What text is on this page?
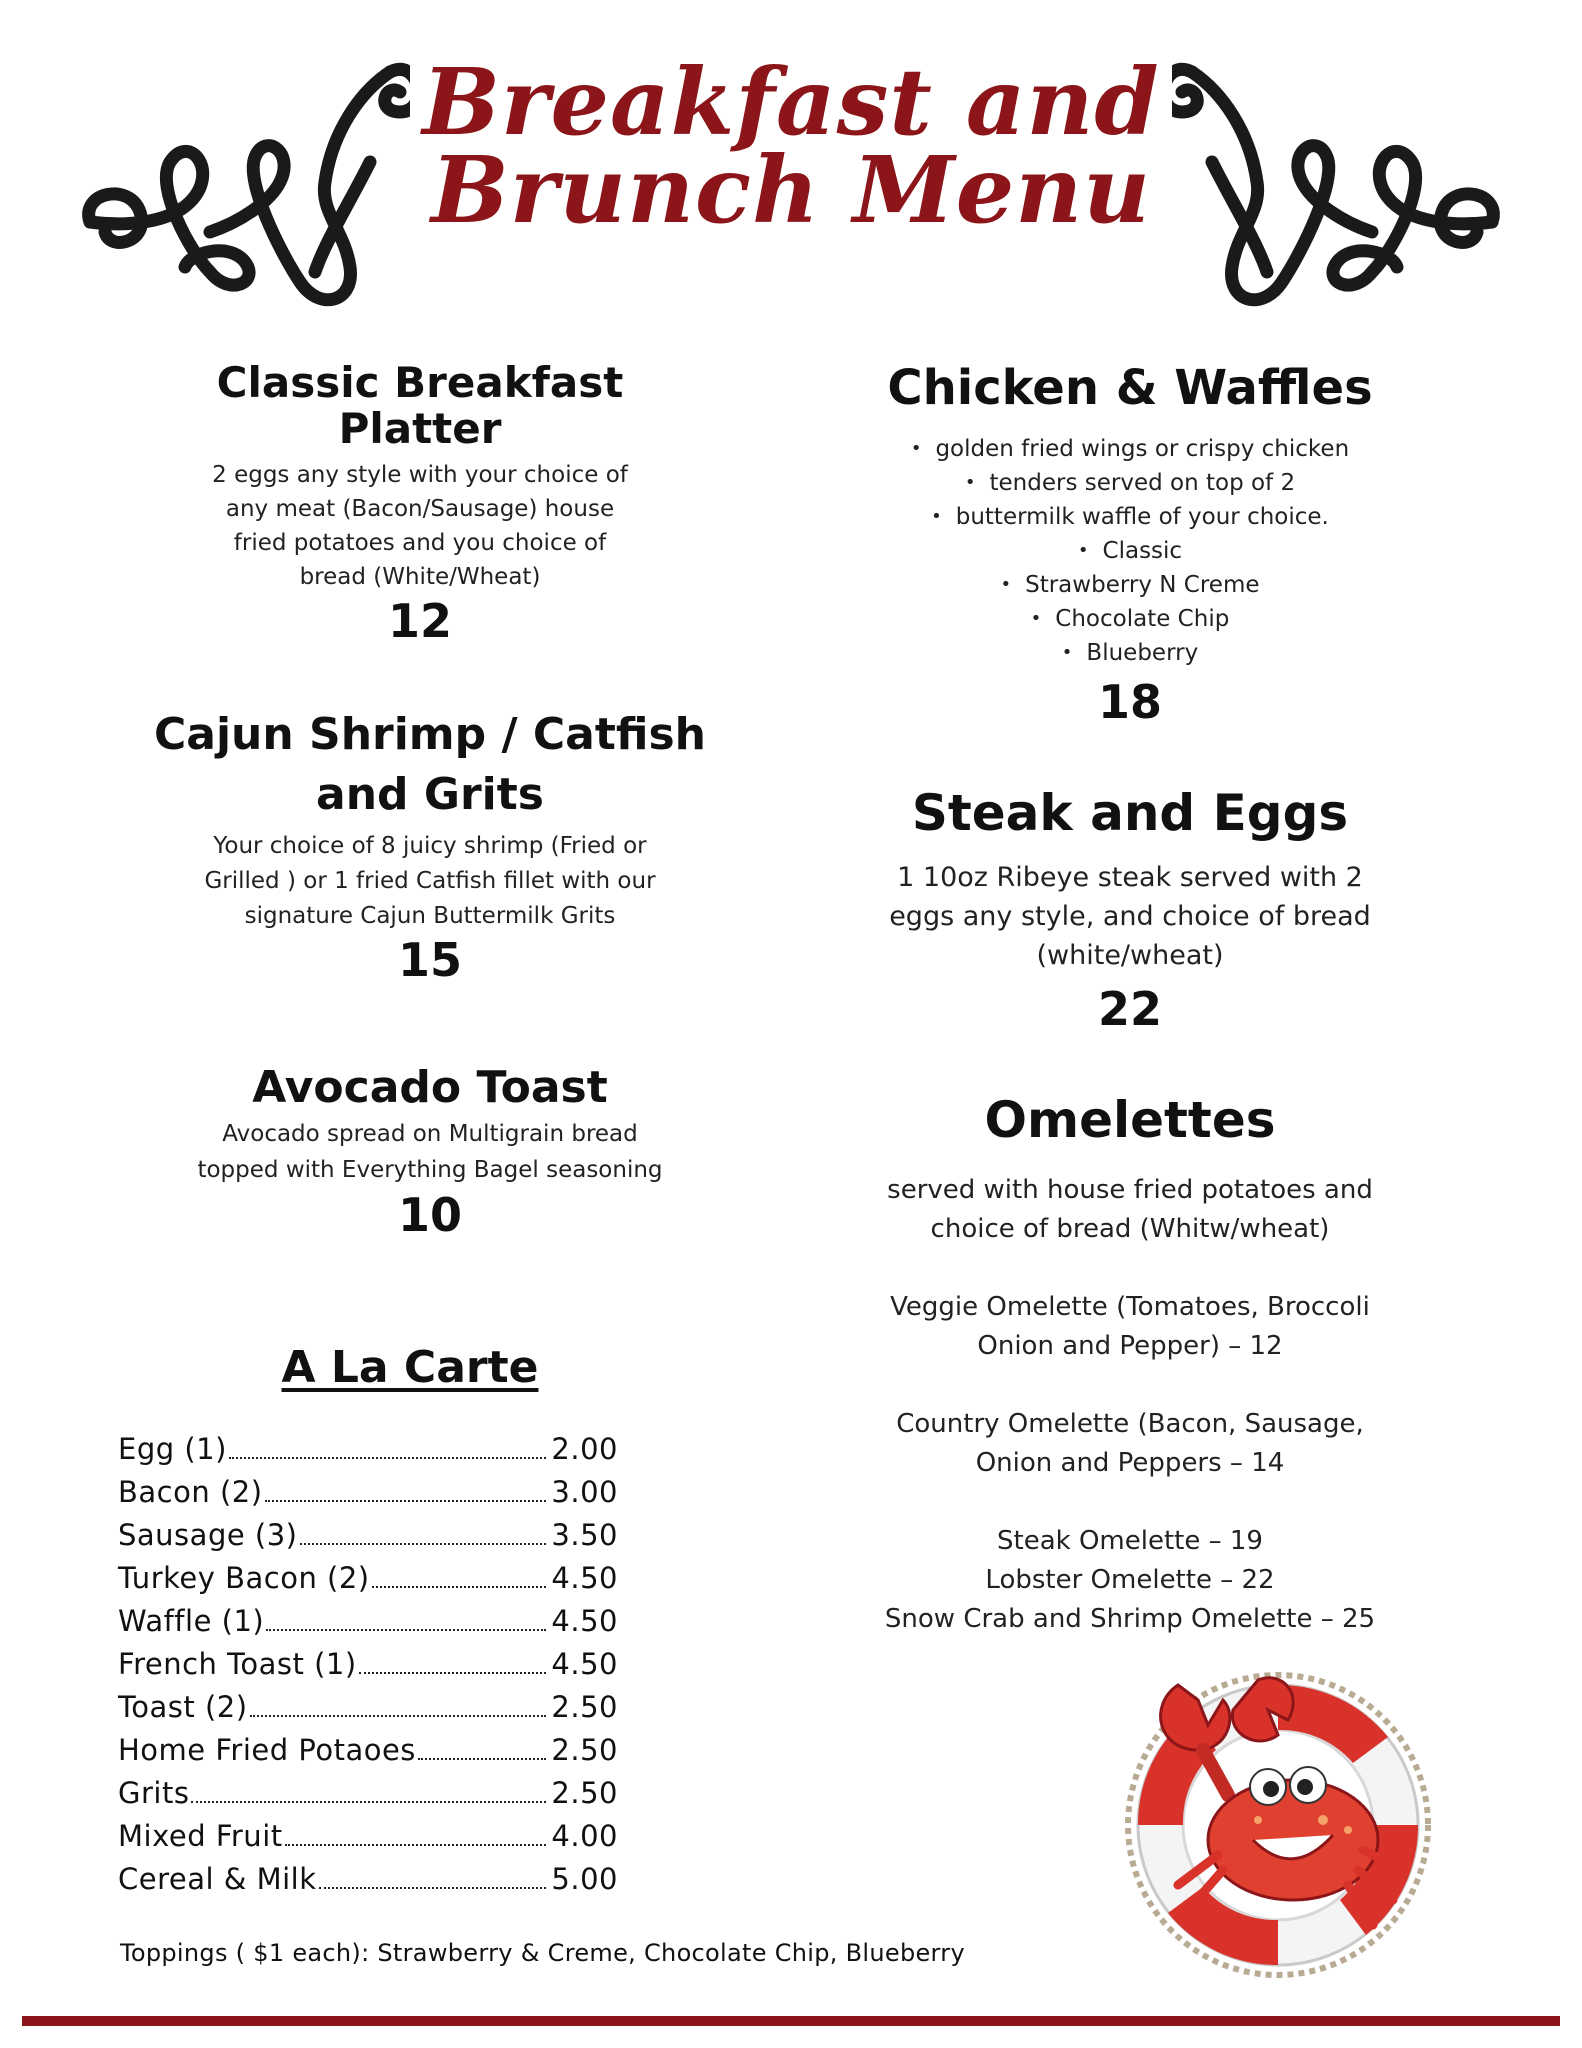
Breakfast and
Brunch Menu
Classic Breakfast
Platter
2 eggs any style with your choice of
any meat (Bacon/Sausage) house
fried potatoes and you choice of
bread (White/Wheat)
12
Cajun Shrimp / Catfish
and Grits
Your choice of 8 juicy shrimp (Fried or
Grilled ) or 1 fried Catfish fillet with our
signature Cajun Buttermilk Grits
15
Avocado Toast
Avocado spread on Multigrain bread
topped with Everything Bagel seasoning
10
A La Carte
Egg (1)	2.00
Bacon (2)	3.00
Sausage (3)	3.50
Turkey Bacon (2)	4.50
Waffle (1)	4.50
French Toast (1)	4.50
Toast (2)	2.50
Home Fried Potaoes	2.50
Grits	2.50
Mixed Fruit	4.00
Cereal & Milk	5.00
Toppings ( $1 each): Strawberry & Creme, Chocolate Chip, Blueberry
Chicken & Waffles
• golden fried wings or crispy chicken
• tenders served on top of 2
• buttermilk waffle of your choice.
• Classic
• Strawberry N Creme
• Chocolate Chip
• Blueberry
18
Steak and Eggs
1 10oz Ribeye steak served with 2
eggs any style, and choice of bread
(white/wheat)
22
Omelettes
served with house fried potatoes and
choice of bread (Whitw/wheat)
Veggie Omelette (Tomatoes, Broccoli
Onion and Pepper) – 12
Country Omelette (Bacon, Sausage,
Onion and Peppers – 14
Steak Omelette – 19
Lobster Omelette – 22
Snow Crab and Shrimp Omelette – 25
